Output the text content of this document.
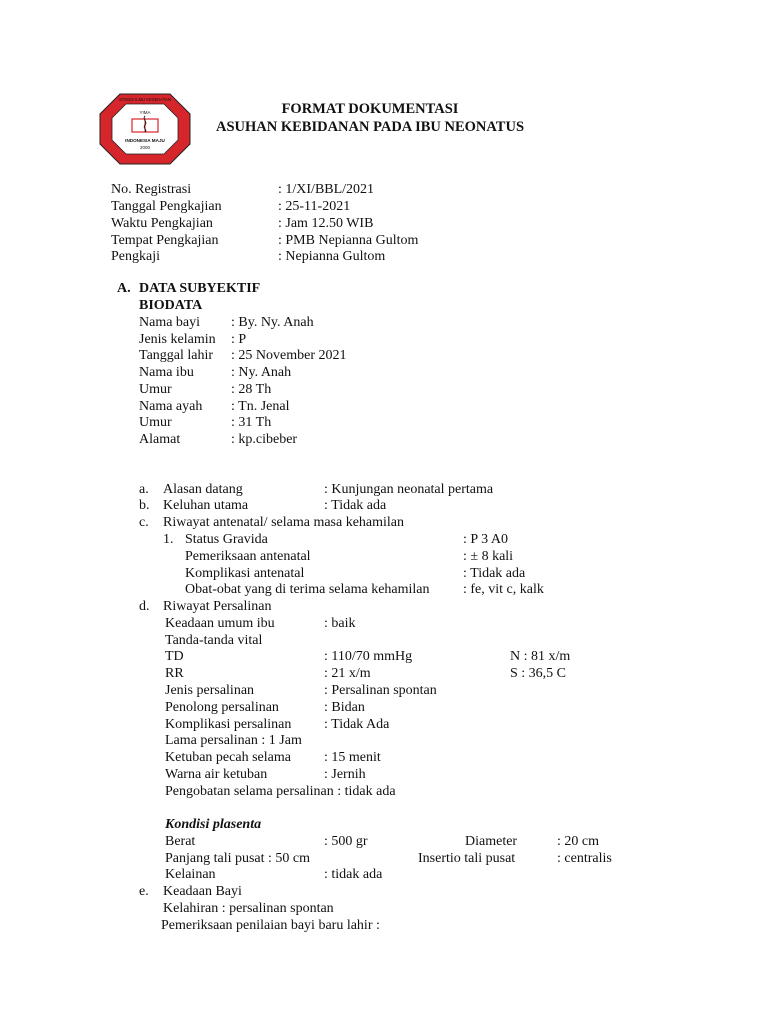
STIKES ILMU KESEHATAN
YIMA
INDONESIA MAJU
2000
FORMAT DOKUMENTASI
ASUHAN KEBIDANAN PADA IBU NEONATUS
No. Registrasi	: 1/XI/BBL/2021
Tanggal Pengkajian	: 25-11-2021
Waktu Pengkajian	: Jam 12.50 WIB
Tempat Pengkajian	: PMB Nepianna Gultom
Pengkaji	: Nepianna Gultom
A. DATA SUBYEKTIF
BIODATA
Nama bayi : By. Ny. Anah
Jenis kelamin : P
Tanggal lahir : 25 November 2021
Nama ibu	: Ny. Anah
Umur	: 28 Th
Nama ayah : Tn. Jenal
Umur	: 31 Th
Alamat	: kp.cibeber
a. Alasan datang	: Kunjungan neonatal pertama
b. Keluhan utama	: Tidak ada
c. Riwayat antenatal/ selama masa kehamilan
1. Status Gravida	: P 3 A0
Pemeriksaan antenatal	: ± 8 kali
Komplikasi antenatal	: Tidak ada
Obat-obat yang di terima selama kehamilan : fe, vit c, kalk
d. Riwayat Persalinan
Keadaan umum ibu	: baik
Tanda-tanda vital
TD	: 110/70 mmHg	N : 81 x/m
RR	: 21 x/m	S : 36,5 C
Jenis persalinan	: Persalinan spontan
Penolong persalinan	: Bidan
Komplikasi persalinan : Tidak Ada
Lama persalinan : 1 Jam
Ketuban pecah selama : 15 menit
Warna air ketuban	: Jernih
Pengobatan selama persalinan : tidak ada
Kondisi plasenta
Berat	: 500 gr	Diameter	: 20 cm
Panjang tali pusat : 50 cm	Insertio tali pusat	: centralis
Kelainan	: tidak ada
e. Keadaan Bayi
Kelahiran : persalinan spontan
Pemeriksaan penilaian bayi baru lahir :
